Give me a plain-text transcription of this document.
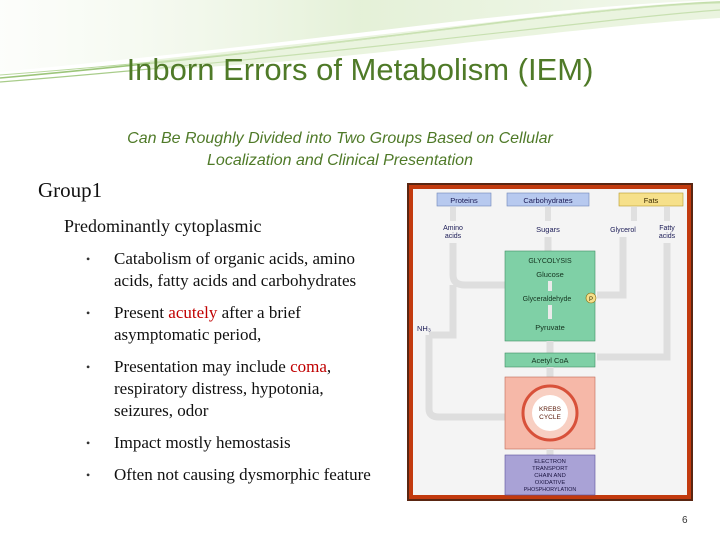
Inborn Errors of Metabolism (IEM)
Can Be Roughly Divided into Two Groups Based on Cellular
Localization and Clinical Presentation
Group1
Predominantly cytoplasmic
• Catabolism of organic acids, amino acids, fatty acids and carbohydrates
• Present acutely after a brief asymptomatic period,
• Presentation may include coma, respiratory distress, hypotonia, seizures, odor
• Impact mostly hemostasis
• Often not causing dysmorphic feature
Proteins	Carbohydrates	Fats
Amino
acids
Sugars	Glycerol	Fatty
acids
GLYCOLYSIS
Glucose
Glyceraldehyde	P
Pyruvate
NH₃
Acetyl CoA
KREBS
CYCLE
ELECTRON
TRANSPORT
CHAIN AND
OXIDATIVE
PHOSPHORYLATION
6
